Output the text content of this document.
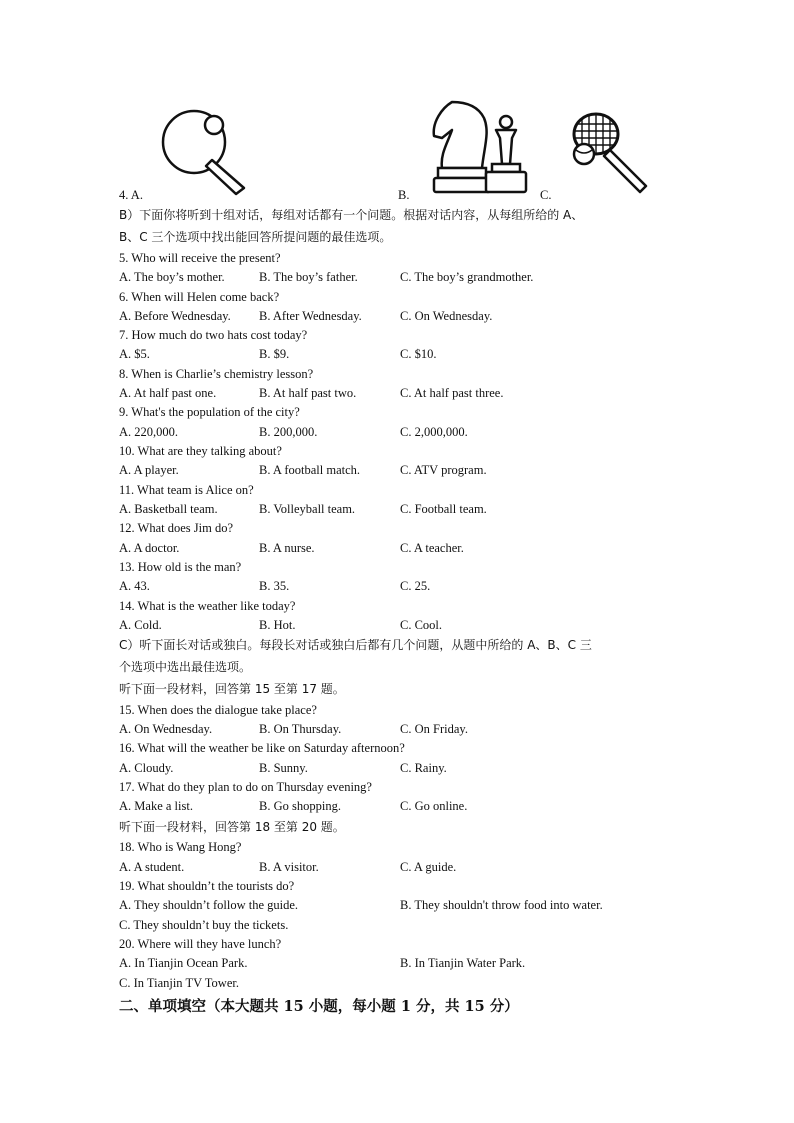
4. A.	B.	C.
B）下面你将听到十组对话，每组对话都有一个问题。根据对话内容，从每组所给的 A、
B、C 三个选项中找出能回答所提问题的最佳选项。
5. Who will receive the present?
A. The boy’s mother.	B. The boy’s father.	C. The boy’s grandmother.
6. When will Helen come back?
A. Before Wednesday. B. After Wednesday.	C. On Wednesday.
7. How much do two hats cost today?
A. $5.	B. $9.	C. $10.
8. When is Charlie’s chemistry lesson?
A. At half past one.	B. At half past two.	C. At half past three.
9. What's the population of the city?
A. 220,000.	B. 200,000.	C. 2,000,000.
10. What are they talking about?
A. A player.	B. A football match.	C. ATV program.
11. What team is Alice on?
A. Basketball team.	B. Volleyball team.	C. Football team.
12. What does Jim do?
A. A doctor.	B. A nurse.	C. A teacher.
13. How old is the man?
A. 43.	B. 35.	C. 25.
14. What is the weather like today?
A. Cold.	B. Hot.	C. Cool.
C）听下面长对话或独白。每段长对话或独白后都有几个问题，从题中所给的 A、B、C 三
个选项中选出最佳选项。
听下面一段材料，回答第 15 至第 17 题。
15. When does the dialogue take place?
A. On Wednesday.	B. On Thursday.	C. On Friday.
16. What will the weather be like on Saturday afternoon?
A. Cloudy.	B. Sunny.	C. Rainy.
17. What do they plan to do on Thursday evening?
A. Make a list.	B. Go shopping.	C. Go online.
听下面一段材料，回答第 18 至第 20 题。
18. Who is Wang Hong?
A. A student.	B. A visitor.	C. A guide.
19. What shouldn’t the tourists do?
A. They shouldn’t follow the guide.	B. They shouldn't throw food into water.
C. They shouldn’t buy the tickets.
20. Where will they have lunch?
A. In Tianjin Ocean Park.	B. In Tianjin Water Park.
C. In Tianjin TV Tower.
二、单项填空（本大题共 15 小题，每小题 1 分，共 15 分）
